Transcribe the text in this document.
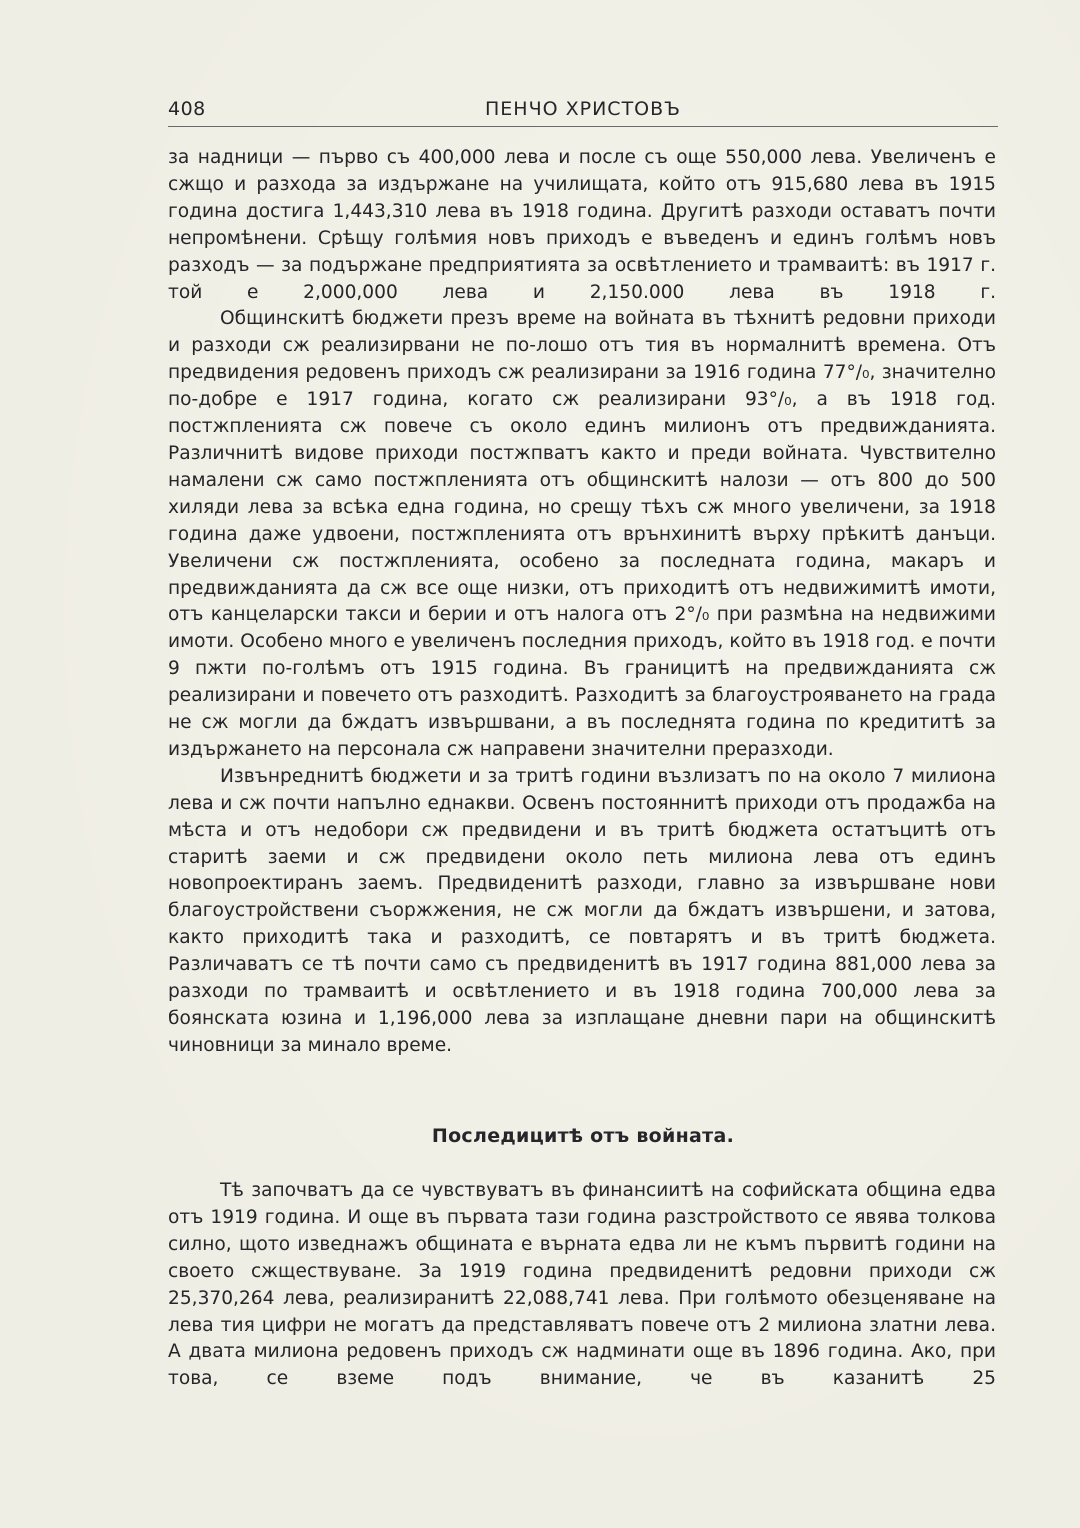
408	ПЕНЧО ХРИСТОВЪ

за надници — първо съ 400,000 лева и после съ още 550,000 лева. Увеличенъ е сжщо и разхода за издържане на училищата, който отъ 915,680 лева въ 1915 година достига 1,443,310 лева въ 1918 година. Другитѣ разходи оставатъ почти непромѣнени. Срѣщу голѣмия новъ приходъ е въведенъ и единъ голѣмъ новъ разходъ — за подържане предприятията за освѣтлението и трамваитѣ: въ 1917 г. той е 2,000,000 лева и 2,150.000 лева въ 1918 г.

Общинскитѣ бюджети презъ време на войната въ тѣхнитѣ редовни приходи и разходи сж реализирвани не по-лошо отъ тия въ нормалнитѣ времена. Отъ предвидения редовенъ приходъ сж реализирани за 1916 година 77°/₀, значително по-добре е 1917 година, когато сж реализирани 93°/₀, а въ 1918 год. постжпленията сж повече съ около единъ милионъ отъ предвижданията. Различнитѣ видове приходи постжпватъ както и преди войната. Чувствително намалени сж само постжпленията отъ общинскитѣ налози — отъ 800 до 500 хиляди лева за всѣка една година, но срещу тѣхъ сж много увеличени, за 1918 година даже удвоени, постжпленията отъ врънхинитѣ върху прѣкитѣ данъци. Увеличени сж постжпленията, особено за последната година, макаръ и предвижданията да сж все още низки, отъ приходитѣ отъ недвижимитѣ имоти, отъ канцеларски такси и берии и отъ налога отъ 2°/₀ при размѣна на недвижими имоти. Особено много е увеличенъ последния приходъ, който въ 1918 год. е почти 9 пжти по-голѣмъ отъ 1915 година. Въ границитѣ на предвижданията сж реализирани и повечето отъ разходитѣ. Разходитѣ за благоустрояването на града не сж могли да бждатъ извършвани, а въ последнята година по кредититѣ за издържането на персонала сж направени значителни преразходи.

Извънреднитѣ бюджети и за тритѣ години възлизатъ по на около 7 милиона лева и сж почти напълно еднакви. Освенъ постояннитѣ приходи отъ продажба на мѣста и отъ недобори сж предвидени и въ тритѣ бюджета остатъцитѣ отъ старитѣ заеми и сж предвидени около петь милиона лева отъ единъ новопроектиранъ заемъ. Предвиденитѣ разходи, главно за извършване нови благоустройствени съоржжения, не сж могли да бждатъ извършени, и затова, както приходитѣ така и разходитѣ, се повтарятъ и въ тритѣ бюджета. Различаватъ се тѣ почти само съ предвиденитѣ въ 1917 година 881,000 лева за разходи по трамваитѣ и освѣтлението и въ 1918 година 700,000 лева за боянската юзина и 1,196,000 лева за изплащане дневни пари на общинскитѣ чиновници за минало време.

Последицитѣ отъ войната.

Тѣ започватъ да се чувствуватъ въ финансиитѣ на софийската община едва отъ 1919 година. И още въ първата тази година разстройството се явява толкова силно, щото изведнажъ общината е върната едва ли не къмъ първитѣ години на своето сжществуване. За 1919 година предвиденитѣ редовни приходи сж 25,370,264 лева, реализиранитѣ 22,088,741 лева. При голѣмото обезценяване на лева тия цифри не могатъ да представляватъ повече отъ 2 милиона златни лева. А двата милиона редовенъ приходъ сж надминати още въ 1896 година. Ако, при това, се вземе подъ внимание, че въ казанитѣ 25
